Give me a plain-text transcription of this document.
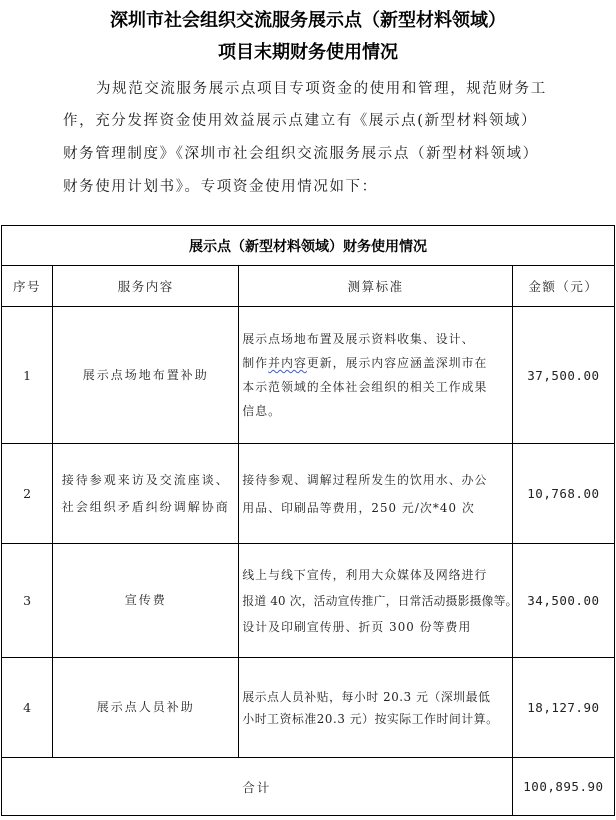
深圳市社会组织交流服务展示点（新型材料领域）
项目末期财务使用情况
为规范交流服务展示点项目专项资金的使用和管理，规范财务工
作，充分发挥资金使用效益展示点建立有《展示点(新型材料领域）
财务管理制度》《深圳市社会组织交流服务展示点（新型材料领域）
财务使用计划书》。专项资金使用情况如下：
展示点（新型材料领域）财务使用情况			
序号	服务内容	测算标准	金额（元）
1	展示点场地布置补助	展示点场地布置及展示资料收集、设计、
制作并内容更新，展示内容应涵盖深圳市在
本示范领域的全体社会组织的相关工作成果
信息。	37,500.00
2	接待参观来访及交流座谈、
社会组织矛盾纠纷调解协商	接待参观、调解过程所发生的饮用水、办公
用品、印刷品等费用，250 元/次*40 次	10,768.00
3	宣传费	线上与线下宣传，利用大众媒体及网络进行
报道 40 次，活动宣传推广，日常活动摄影摄像等。
设计及印刷宣传册、折页 300 份等费用	34,500.00
4	展示点人员补助	展示点人员补贴，每小时 20.3 元（深圳最低
小时工资标准20.3 元）按实际工作时间计算。	18,127.90
合计			100,895.90
